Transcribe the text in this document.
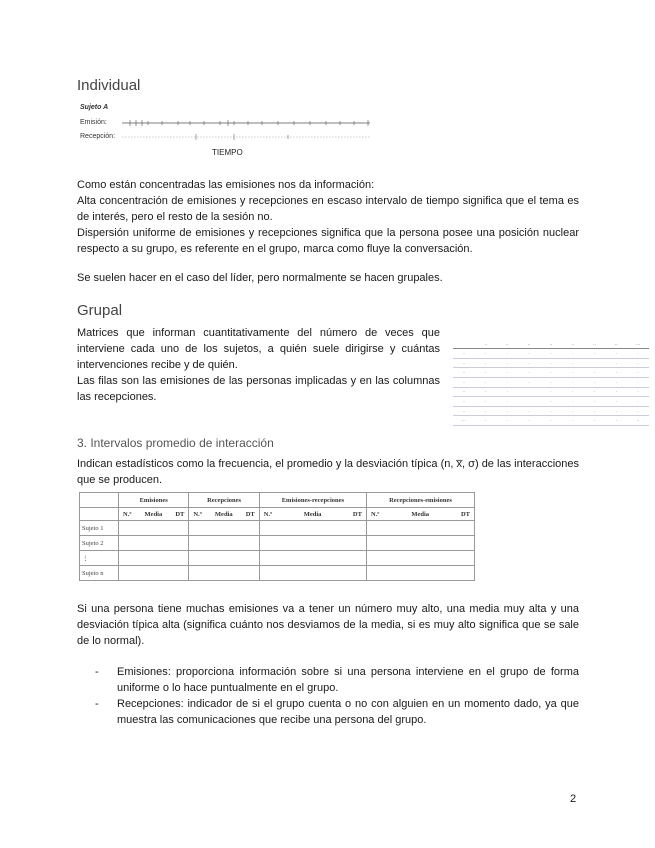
Individual
Sujeto A
Emisión:
Recepción:
TIEMPO
Como están concentradas las emisiones nos da información:
Alta concentración de emisiones y recepciones en escaso intervalo de tiempo significa que el tema es de interés, pero el resto de la sesión no.
Dispersión uniforme de emisiones y recepciones significa que la persona posee una posición nuclear respecto a su grupo, es referente en el grupo, marca como fluye la conversación.
Se suelen hacer en el caso del líder, pero normalmente se hacen grupales.
Grupal
Matrices que informan cuantitativamente del número de veces que interviene cada uno de los sujetos, a quién suele dirigirse y cuántas intervenciones recibe y de quién.
Las filas son las emisiones de las personas implicadas y en las columnas las recepciones.
	··	··	··	··	··	··	··	···
··	·	·	·	·	·	·	·	·
··	·	·	·	·	·		·	·
··	·	·	·	·	·	·	·	·
··	·	·	·	·	·	·	·	·
··	·	·		·	·	·	·	·
··	·	·		·	·	·	·	·
··	·	·	·	·	·	·	·	·
···	·	·	·	·	·	·	·	··
3. Intervalos promedio de interacción
Indican estadísticos como la frecuencia, el promedio y la desviación típica (n, x̅, σ) de las interacciones que se producen.
	Emisiones	Recepciones	Emisiones-recepciones	Recepciones-emisiones

	N.º Media DT	N.º Media DT	N.º Media DT	N.º Media DT

Sujeto 1				
Sujeto 2				
⋮				
Sujeto n				
Si una persona tiene muchas emisiones va a tener un número muy alto, una media muy alta y una desviación típica alta (significa cuánto nos desviamos de la media, si es muy alto significa que se sale de lo normal).
- Emisiones: proporciona información sobre si una persona interviene en el grupo de forma uniforme o lo hace puntualmente en el grupo.
- Recepciones: indicador de si el grupo cuenta o no con alguien en un momento dado, ya que muestra las comunicaciones que recibe una persona del grupo.
2
